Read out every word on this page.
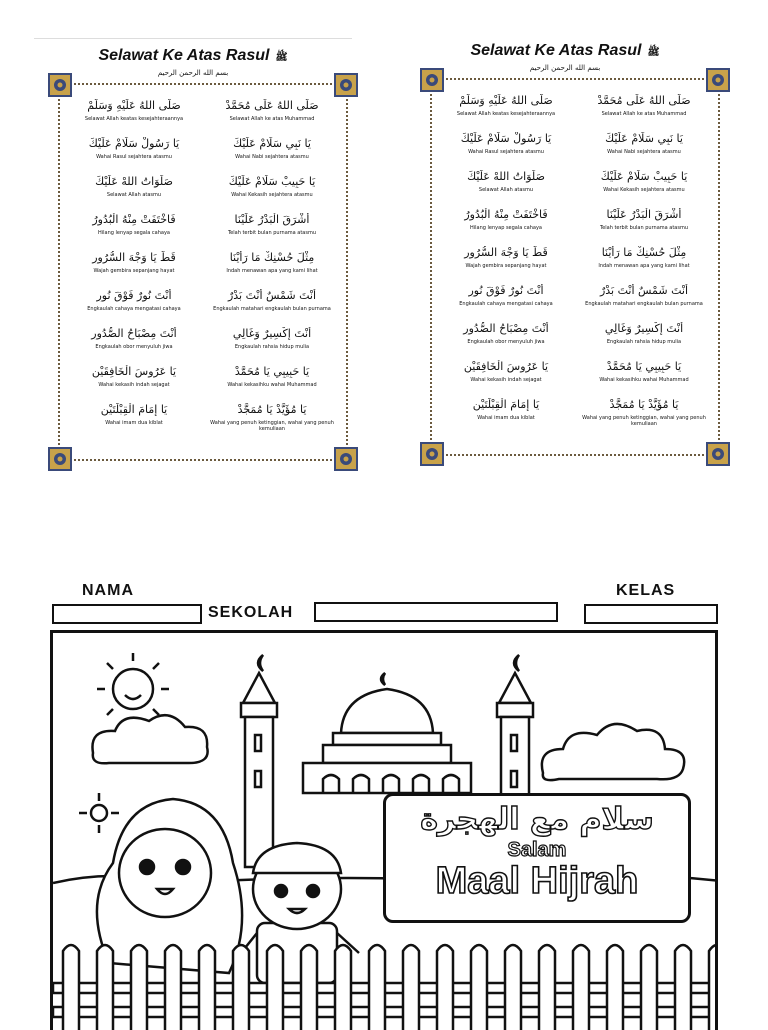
Selawat Ke Atas Rasul ﷺ
بسم الله الرحمن الرحيم
صَلَّى اللهُ عَلَيْهِ وَسَلَّمْ
Selawat Allah keatas kesejahteraannya
صَلَّى اللهُ عَلَى مُحَمَّدْ
Selawat Allah ke atas Muhammad
يَا رَسُولْ سَلَامْ عَلَيْكَ
Wahai Rasul sejahtera atasmu
يَا نَبِي سَلَامْ عَلَيْكَ
Wahai Nabi sejahtera atasmu
صَلَوَاتُ اللهْ عَلَيْكَ
Selawat Allah atasmu
يَا حَبِيبْ سَلَامْ عَلَيْكَ
Wahai Kekasih sejahtera atasmu
فَاخْتَفَتْ مِنْهُ الْبُدُورُ
Hilang lenyap segala cahaya
أَشْرَقَ الْبَدْرُ عَلَيْنَا
Telah terbit bulan purnama atasmu
قَطُّ يَا وَجْهَ السُّرُورِ
Wajah gembira sepanjang hayat
مِثْلَ حُسْنِكْ مَا رَأَيْنَا
Indah menawan apa yang kami lihat
أَنْتَ نُورٌ فَوْقَ نُورِ
Engkaulah cahaya mengatasi cahaya
أَنْتَ شَمْسٌ أَنْتَ بَدْرٌ
Engkaulah matahari engkaulah bulan purnama
أَنْتَ مِصْبَاحُ الصُّدُورِ
Engkaulah obor menyuluh jiwa
أَنْتَ إِكْسِيرٌ وَغَالِي
Engkaulah rahsia hidup mulia
يَا عَرُوسَ الْخَافِقَيْنِ
Wahai kekasih indah sejagat
يَا حَبِيبِي يَا مُحَمَّدْ
Wahai kekasihku wahai Muhammad
يَا إِمَامَ الْقِبْلَتَيْنِ
Wahai imam dua kiblat
يَا مُؤَيَّدْ يَا مُمَجَّدْ
Wahai yang penuh ketinggian, wahai yang penuh kemuliaan
Selawat Ke Atas Rasul ﷺ
بسم الله الرحمن الرحيم
صَلَّى اللهُ عَلَيْهِ وَسَلَّمْ
Selawat Allah keatas kesejahteraannya
صَلَّى اللهُ عَلَى مُحَمَّدْ
Selawat Allah ke atas Muhammad
يَا رَسُولْ سَلَامْ عَلَيْكَ
Wahai Rasul sejahtera atasmu
يَا نَبِي سَلَامْ عَلَيْكَ
Wahai Nabi sejahtera atasmu
صَلَوَاتُ اللهْ عَلَيْكَ
Selawat Allah atasmu
يَا حَبِيبْ سَلَامْ عَلَيْكَ
Wahai Kekasih sejahtera atasmu
فَاخْتَفَتْ مِنْهُ الْبُدُورُ
Hilang lenyap segala cahaya
أَشْرَقَ الْبَدْرُ عَلَيْنَا
Telah terbit bulan purnama atasmu
قَطُّ يَا وَجْهَ السُّرُورِ
Wajah gembira sepanjang hayat
مِثْلَ حُسْنِكْ مَا رَأَيْنَا
Indah menawan apa yang kami lihat
أَنْتَ نُورٌ فَوْقَ نُورِ
Engkaulah cahaya mengatasi cahaya
أَنْتَ شَمْسٌ أَنْتَ بَدْرٌ
Engkaulah matahari engkaulah bulan purnama
أَنْتَ مِصْبَاحُ الصُّدُورِ
Engkaulah obor menyuluh jiwa
أَنْتَ إِكْسِيرٌ وَغَالِي
Engkaulah rahsia hidup mulia
يَا عَرُوسَ الْخَافِقَيْنِ
Wahai kekasih indah sejagat
يَا حَبِيبِي يَا مُحَمَّدْ
Wahai kekasihku wahai Muhammad
يَا إِمَامَ الْقِبْلَتَيْنِ
Wahai imam dua kiblat
يَا مُؤَيَّدْ يَا مُمَجَّدْ
Wahai yang penuh ketinggian, wahai yang penuh kemuliaan
NAMA
SEKOLAH
KELAS
سلام مع الهجرة
Salam
Maal Hijrah
